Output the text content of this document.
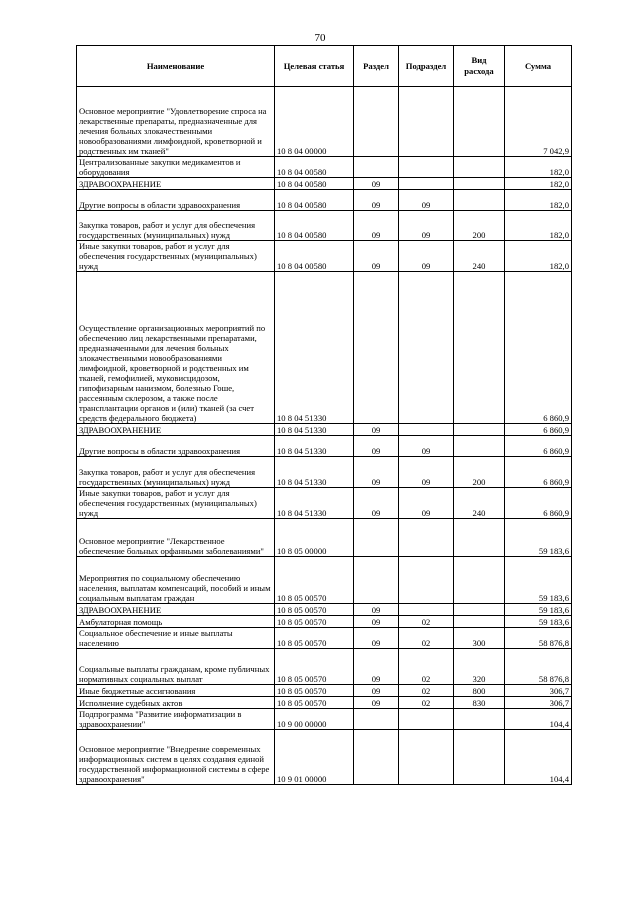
70
Наименование	Целевая статья	Раздел	Подраздел	Вид расхода	Сумма
Основное мероприятие "Удовлетворение спроса на лекарственные препараты, предназначенные для лечения больных злокачественными новообразованиями лимфоидной, кроветворной и родственных им тканей"	10 8 04 00000				7 042,9
Централизованные закупки медикаментов и оборудования	10 8 04 00580				182,0
ЗДРАВООХРАНЕНИЕ	10 8 04 00580	09			182,0
Другие вопросы в области здравоохранения	10 8 04 00580	09	09		182,0
Закупка товаров, работ и услуг для обеспечения государственных (муниципальных) нужд	10 8 04 00580	09	09	200	182,0
Иные закупки товаров, работ и услуг для обеспечения государственных (муниципальных) нужд	10 8 04 00580	09	09	240	182,0
Осуществление организационных мероприятий по обеспечению лиц лекарственными препаратами, предназначенными для лечения больных злокачественными новообразованиями лимфоидной, кроветворной и родственных им тканей, гемофилией, муковисцидозом, гипофизарным нанизмом, болезнью Гоше, рассеянным склерозом, а также после трансплантации органов и (или) тканей (за счет средств федерального бюджета)	10 8 04 51330				6 860,9
ЗДРАВООХРАНЕНИЕ	10 8 04 51330	09			6 860,9
Другие вопросы в области здравоохранения	10 8 04 51330	09	09		6 860,9
Закупка товаров, работ и услуг для обеспечения государственных (муниципальных) нужд	10 8 04 51330	09	09	200	6 860,9
Иные закупки товаров, работ и услуг для обеспечения государственных (муниципальных) нужд	10 8 04 51330	09	09	240	6 860,9
Основное мероприятие "Лекарственное обеспечение больных орфанными заболеваниями"	10 8 05 00000				59 183,6
Мероприятия по социальному обеспечению населения, выплатам компенсаций, пособий и иным социальным выплатам граждан	10 8 05 00570				59 183,6
ЗДРАВООХРАНЕНИЕ	10 8 05 00570	09			59 183,6
Амбулаторная помощь	10 8 05 00570	09	02		59 183,6
Социальное обеспечение и иные выплаты населению	10 8 05 00570	09	02	300	58 876,8
Социальные выплаты гражданам, кроме публичных нормативных социальных выплат	10 8 05 00570	09	02	320	58 876,8
Иные бюджетные ассигнования	10 8 05 00570	09	02	800	306,7
Исполнение судебных актов	10 8 05 00570	09	02	830	306,7
Подпрограмма "Развитие информатизации в здравоохранении"	10 9 00 00000				104,4
Основное мероприятие "Внедрение современных информационных систем в целях создания единой государственной информационной системы в сфере здравоохранения"	10 9 01 00000				104,4
